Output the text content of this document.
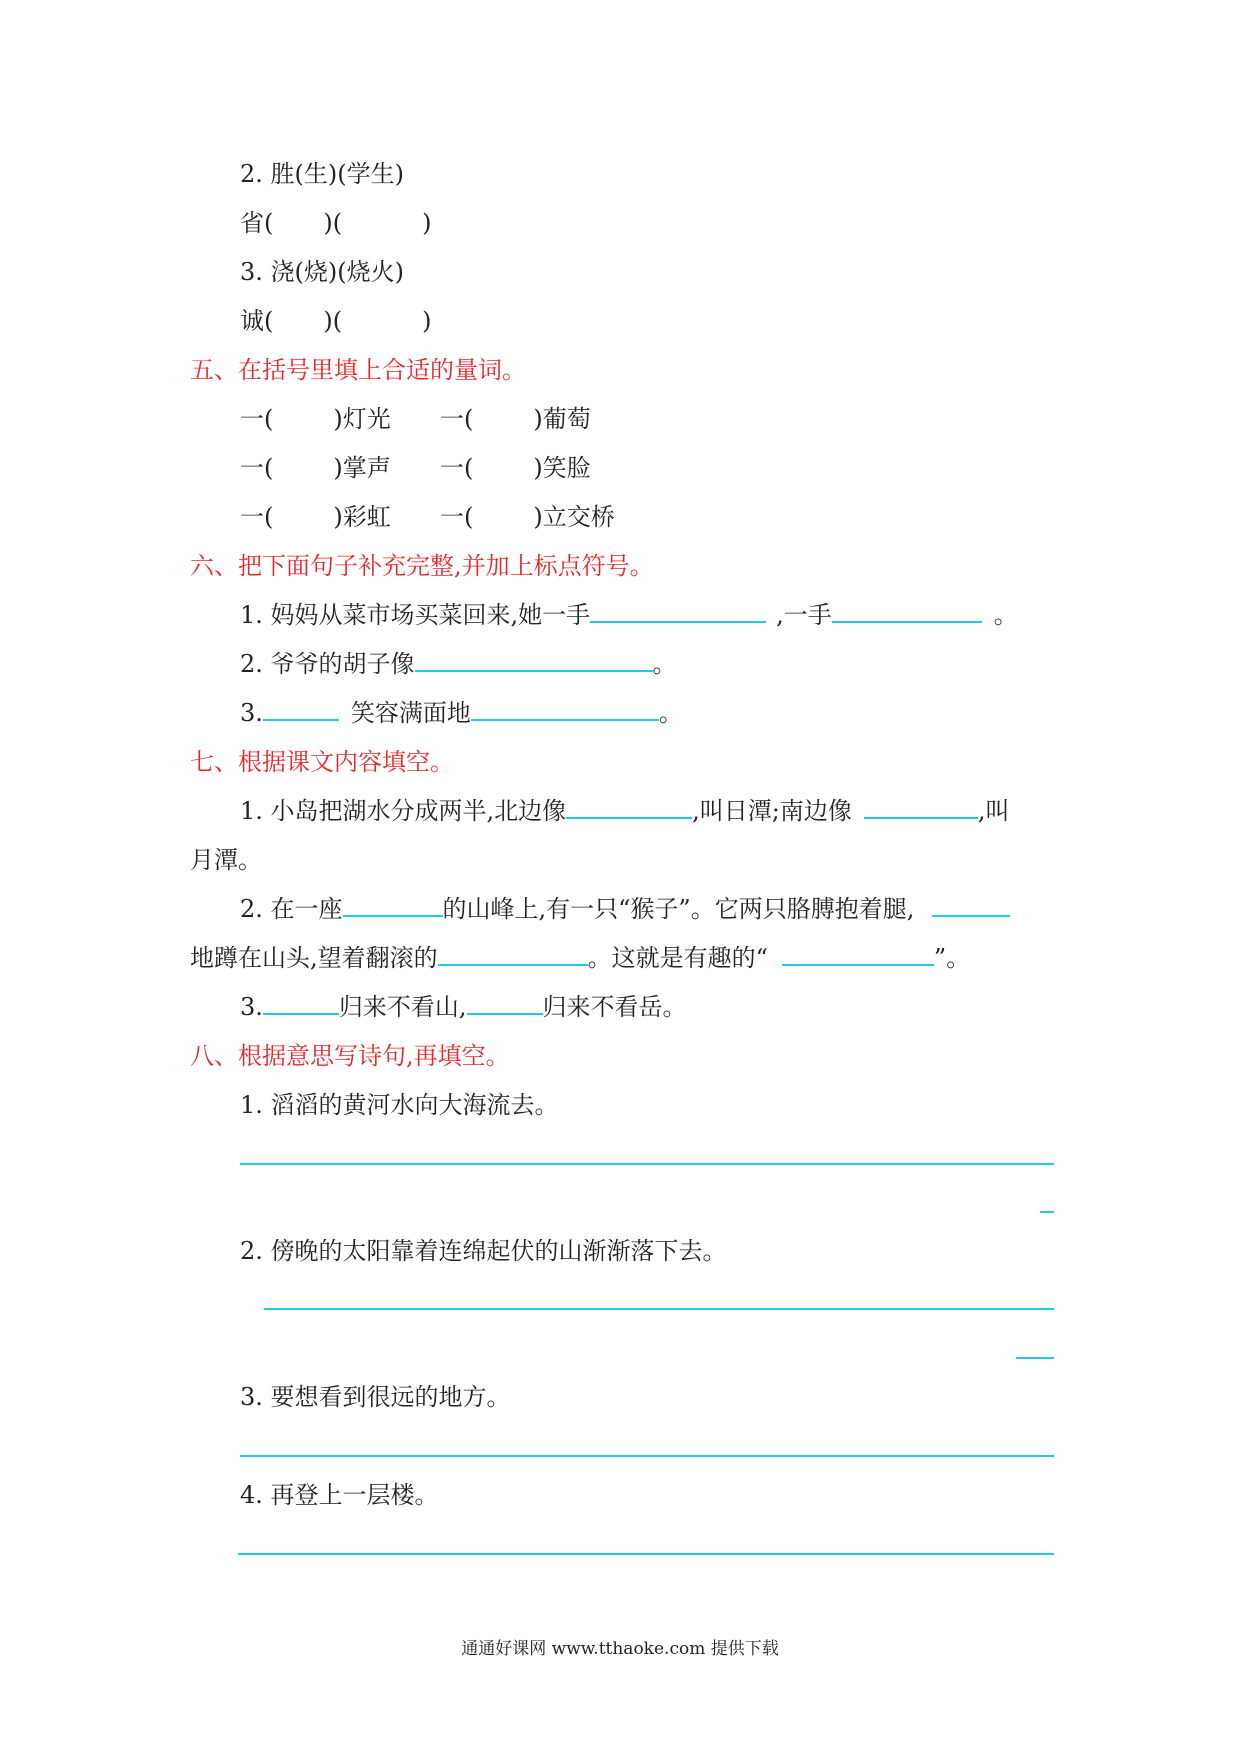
2. 胜(生)(学生)
省( )(	)
3. 浇(烧)(烧火)
诚( )(	)
五、在括号里填上合适的量词。
一(	)灯光 一(	)葡萄
一(	)掌声 一(	)笑脸
一(	)彩虹 一(	)立交桥
六、把下面句子补充完整,并加上标点符号。
1. 妈妈从菜市场买菜回来,她一手	,一手	。
2. 爷爷的胡子像	。
3.	笑容满面地	。
七、根据课文内容填空。
1. 小岛把湖水分成两半,北边像	,叫日潭;南边像	,叫
月潭。
2. 在一座	的山峰上,有一只“猴子”。它两只胳膊抱着腿,
地蹲在山头,望着翻滚的	。这就是有趣的“	”。
3.	归来不看山,	归来不看岳。
八、根据意思写诗句,再填空。
1. 滔滔的黄河水向大海流去。
2. 傍晚的太阳靠着连绵起伏的山渐渐落下去。
3. 要想看到很远的地方。
4. 再登上一层楼。
通通好课网 www.tthaoke.com 提供下载
